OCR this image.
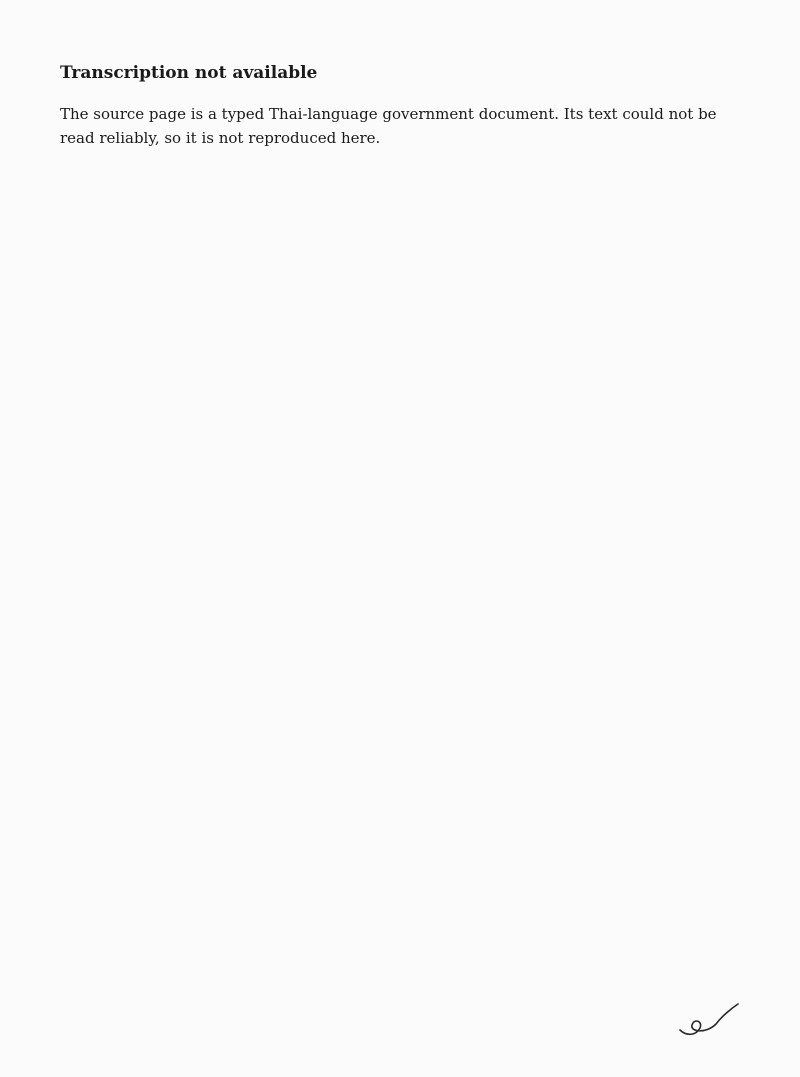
Transcription not available

The source page is a typed Thai-language government document. Its text could not be read reliably, so it is not reproduced here.
